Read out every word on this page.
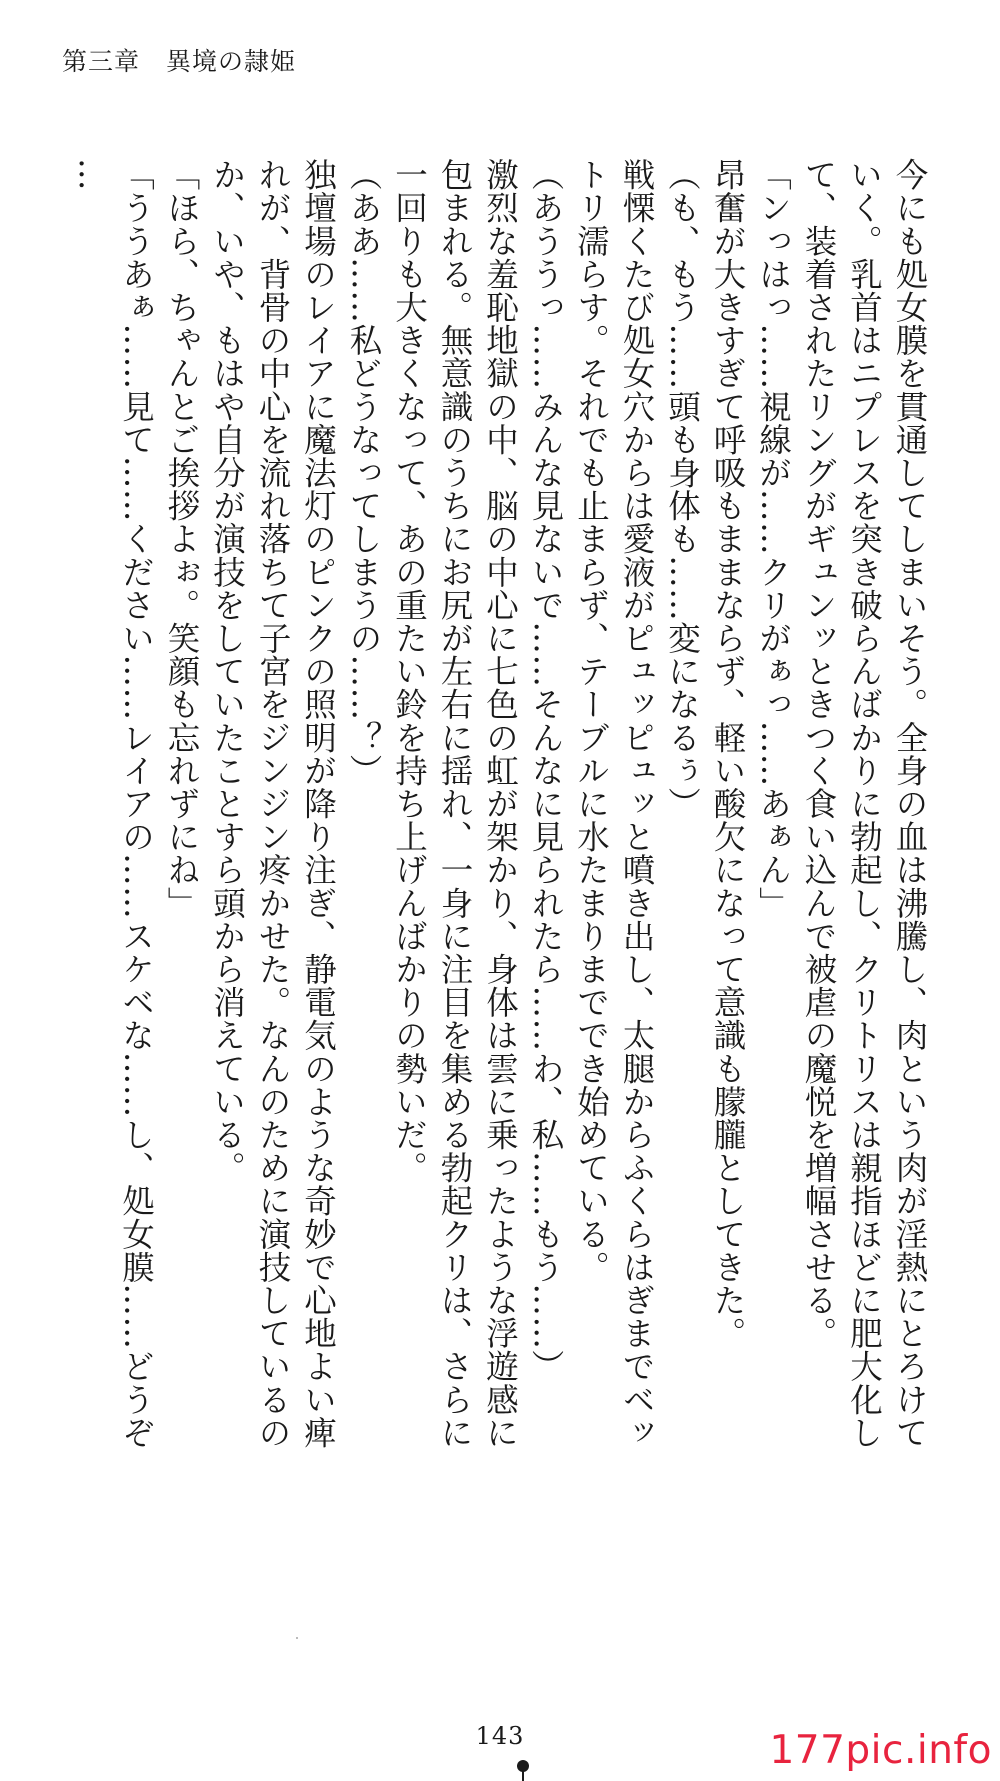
第三章　異境の隷姫

今にも処女膜を貫通してしまいそう。全身の血は沸騰し、肉という肉が淫熱にとろけていく。乳首はニプレスを突き破らんばかりに勃起し、クリトリスは親指ほどに肥大化して、装着されたリングがギュンッときつく食い込んで被虐の魔悦を増幅させる。

「ンっはっ……視線が……クリがぁっ……あぁん」

昂奮が大きすぎて呼吸もままならず、軽い酸欠になって意識も朦朧としてきた。

（も、もう……頭も身体も……変になるぅ）

戦慄くたび処女穴からは愛液がピュッピュッと噴き出し、太腿からふくらはぎまでベットリ濡らす。それでも止まらず、テーブルに水たまりまででき始めている。

（あううっ……みんな見ないで……そんなに見られたら……わ、私……もう……）

激烈な羞恥地獄の中、脳の中心に七色の虹が架かり、身体は雲に乗ったような浮遊感に包まれる。無意識のうちにお尻が左右に揺れ、一身に注目を集める勃起クリは、さらに一回りも大きくなって、あの重たい鈴を持ち上げんばかりの勢いだ。

（ああ……私どうなってしまうの……？）

独壇場のレイアに魔法灯のピンクの照明が降り注ぎ、静電気のような奇妙で心地よい痺れが、背骨の中心を流れ落ちて子宮をジンジン疼かせた。なんのために演技しているのか、いや、もはや自分が演技をしていたことすら頭から消えている。

「ほら、ちゃんとご挨拶よぉ。笑顔も忘れずにね」

「ううあぁ……見て……ください……レイアの……スケベな……し、処女膜……どうぞ…

143	177pic.info
